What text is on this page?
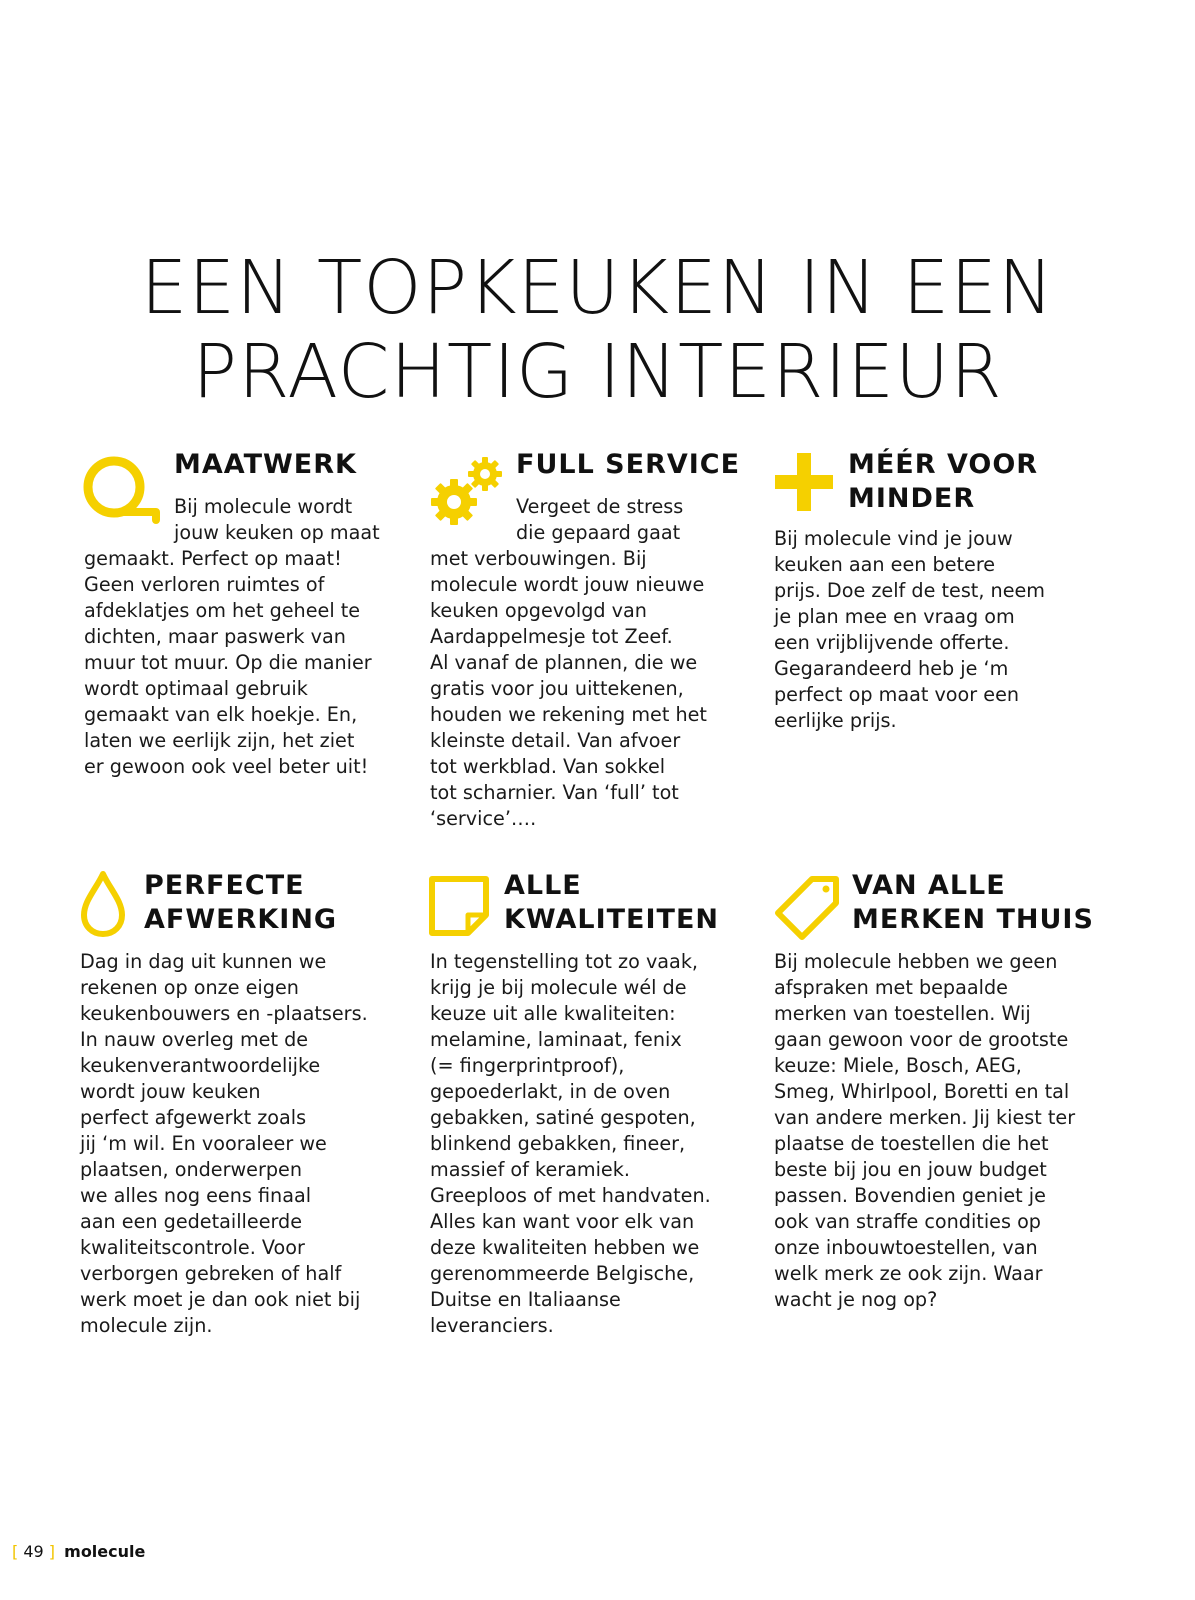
EEN TOPKEUKEN IN EEN
PRACHTIG INTERIEUR
MAATWERK

Bij molecule wordt
jouw keuken op maat
gemaakt. Perfect op maat!
Geen verloren ruimtes of
afdeklatjes om het geheel te
dichten, maar paswerk van
muur tot muur. Op die manier
wordt optimaal gebruik
gemaakt van elk hoekje. En,
laten we eerlijk zijn, het ziet
er gewoon ook veel beter uit!

FULL SERVICE

Vergeet de stress
die gepaard gaat
met verbouwingen. Bij
molecule wordt jouw nieuwe
keuken opgevolgd van
Aardappelmesje tot Zeef.
Al vanaf de plannen, die we
gratis voor jou uittekenen,
houden we rekening met het
kleinste detail. Van afvoer
tot werkblad. Van sokkel
tot scharnier. Van ‘full’ tot
‘service’….

MÉÉR VOOR
MINDER

Bij molecule vind je jouw
keuken aan een betere
prijs. Doe zelf de test, neem
je plan mee en vraag om
een vrijblijvende offerte.
Gegarandeerd heb je ‘m
perfect op maat voor een
eerlijke prijs.

PERFECTE
AFWERKING

Dag in dag uit kunnen we
rekenen op onze eigen
keukenbouwers en -plaatsers.
In nauw overleg met de
keukenverantwoordelijke
wordt jouw keuken
perfect afgewerkt zoals
jij ‘m wil. En vooraleer we
plaatsen, onderwerpen
we alles nog eens finaal
aan een gedetailleerde
kwaliteitscontrole. Voor
verborgen gebreken of half
werk moet je dan ook niet bij
molecule zijn.

ALLE
KWALITEITEN

In tegenstelling tot zo vaak,
krijg je bij molecule wél de
keuze uit alle kwaliteiten:
melamine, laminaat, fenix
(= fingerprintproof),
gepoederlakt, in de oven
gebakken, satiné gespoten,
blinkend gebakken, fineer,
massief of keramiek.
Greeploos of met handvaten.
Alles kan want voor elk van
deze kwaliteiten hebben we
gerenommeerde Belgische,
Duitse en Italiaanse
leveranciers.

VAN ALLE
MERKEN THUIS

Bij molecule hebben we geen
afspraken met bepaalde
merken van toestellen. Wij
gaan gewoon voor de grootste
keuze: Miele, Bosch, AEG,
Smeg, Whirlpool, Boretti en tal
van andere merken. Jij kiest ter
plaatse de toestellen die het
beste bij jou en jouw budget
passen. Bovendien geniet je
ook van straffe condities op
onze inbouwtoestellen, van
welk merk ze ook zijn. Waar
wacht je nog op?

[ 49 ] molecule
